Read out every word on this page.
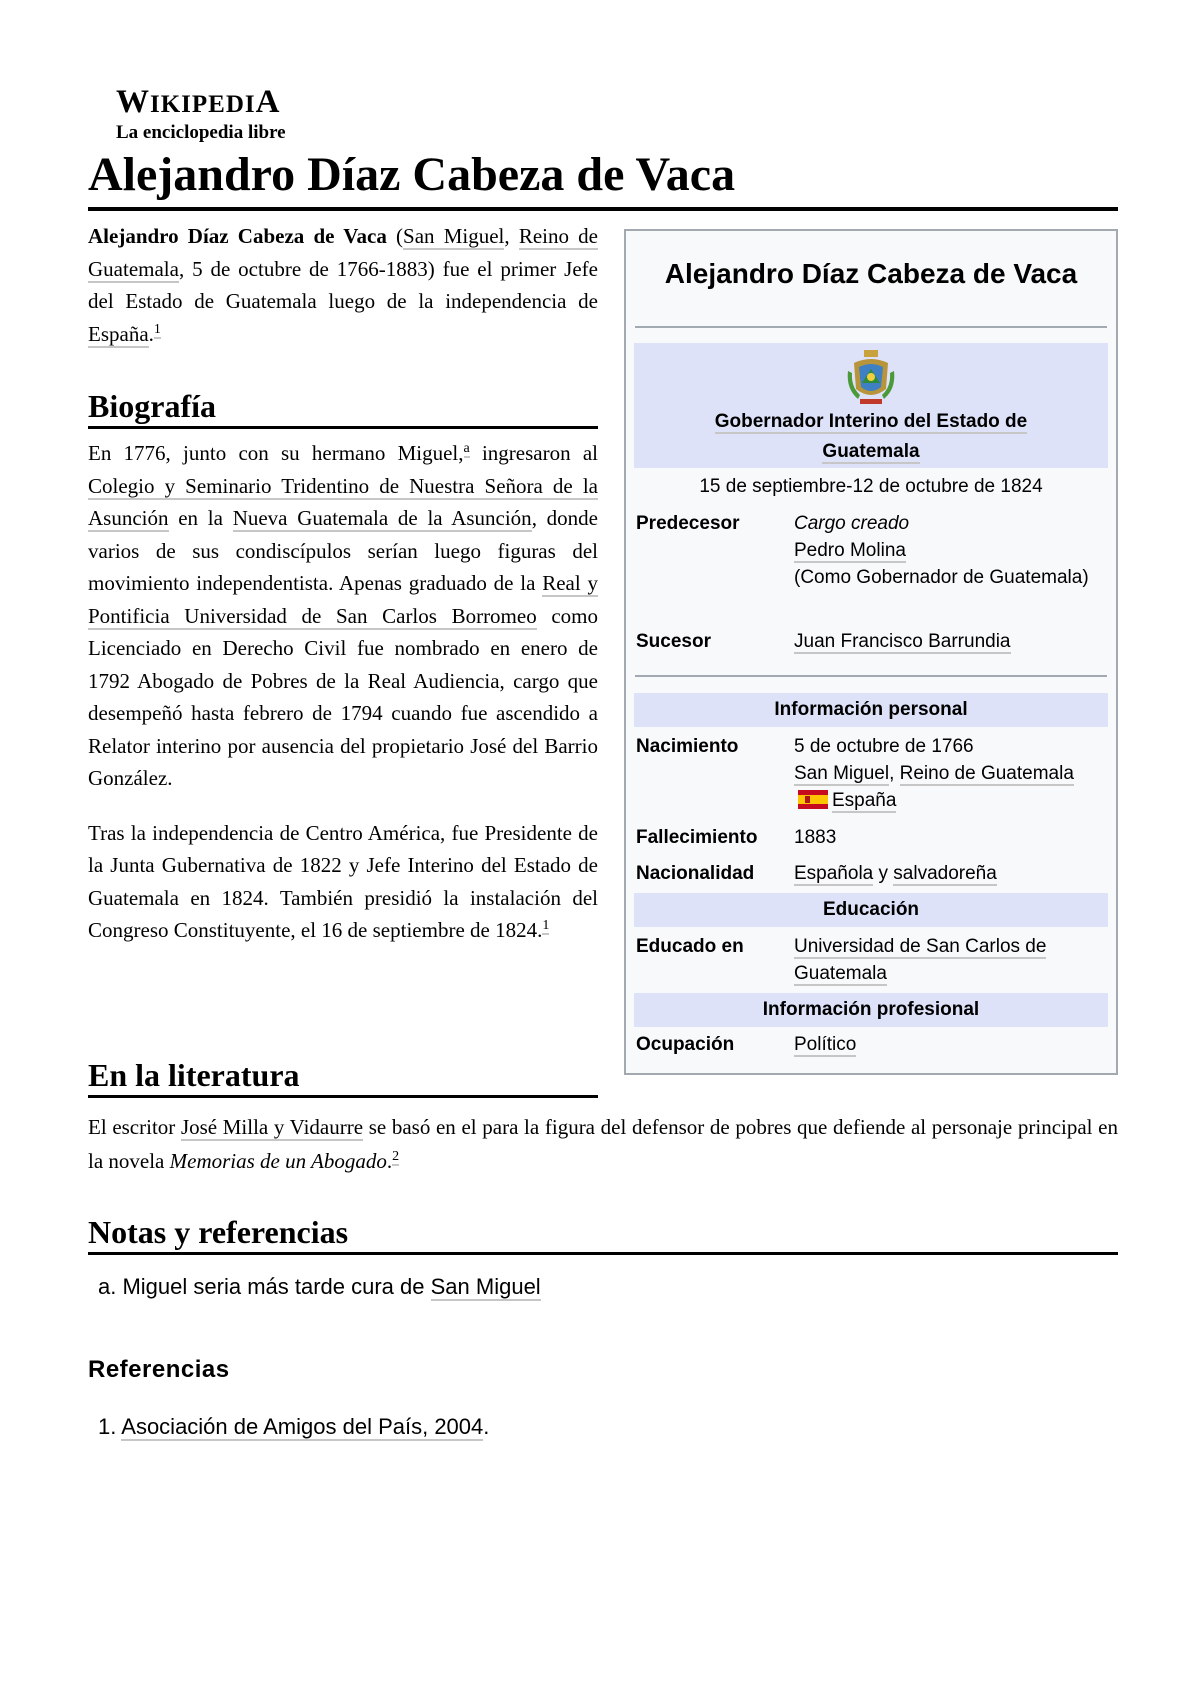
WIKIPEDIA
La enciclopedia libre
Alejandro Díaz Cabeza de Vaca

Alejandro Díaz Cabeza de Vaca (San Miguel, Reino de Guatemala, 5 de octubre de 1766-1883) fue el primer Jefe del Estado de Guatemala luego de la independencia de España.$^1$

Biografía

En 1776, junto con su hermano Miguel,$^a$ ingresaron al Colegio y Seminario Tridentino de Nuestra Señora de la Asunción en la Nueva Guatemala de la Asunción, donde varios de sus condiscípulos serían luego figuras del movimiento independentista. Apenas graduado de la Real y Pontificia Universidad de San Carlos Borromeo como Licenciado en Derecho Civil fue nombrado en enero de 1792 Abogado de Pobres de la Real Audiencia, cargo que desempeñó hasta febrero de 1794 cuando fue ascendido a Relator interino por ausencia del propietario José del Barrio González.

Tras la independencia de Centro América, fue Presidente de la Junta Gubernativa de 1822 y Jefe Interino del Estado de Guatemala en 1824. También presidió la instalación del Congreso Constituyente, el 16 de septiembre de 1824.$^1$

En la literatura

El escritor José Milla y Vidaurre se basó en el para la figura del defensor de pobres que defiende al personaje principal en la novela Memorias de un Abogado.$^2$

Notas y referencias

a. Miguel seria más tarde cura de San Miguel

Referencias

1. Asociación de Amigos del País, 2004.

Alejandro Díaz Cabeza de Vaca
Gobernador Interino del Estado de Guatemala
15 de septiembre-12 de octubre de 1824
Predecesor	Cargo creado
Pedro Molina
(Como Gobernador de Guatemala)
Sucesor	Juan Francisco Barrundia
Información personal
Nacimiento	5 de octubre de 1766
San Miguel, Reino de Guatemala
España
Fallecimiento	1883
Nacionalidad	Española y salvadoreña
Educación
Educado en	Universidad de San Carlos de Guatemala
Información profesional
Ocupación	Político
